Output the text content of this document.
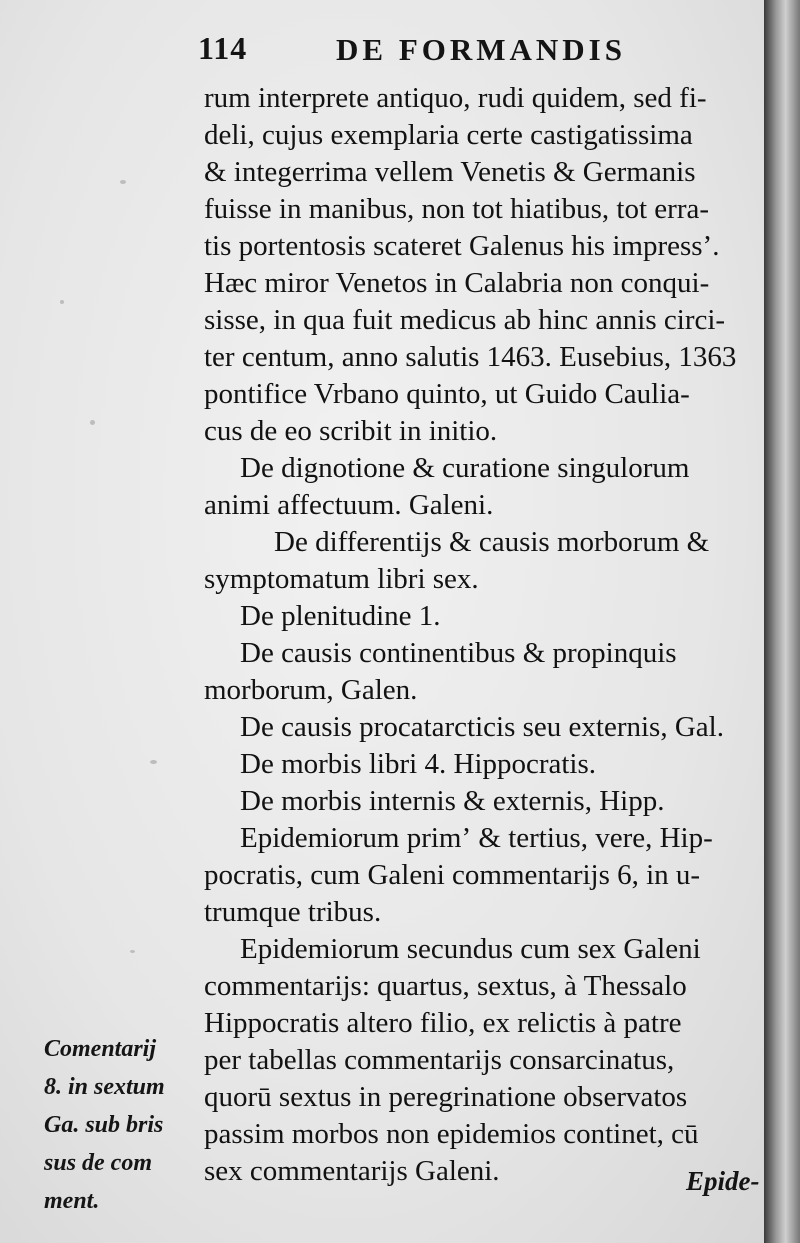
114	DE FORMANDIS
rum interprete antiquo, rudi quidem, sed fi-
deli, cujus exemplaria certe castigatissima
& integerrima vellem Venetis & Germanis
fuisse in manibus, non tot hiatibus, tot erra-
tis portentosis scateret Galenus his impressʼ.
Hæc miror Venetos in Calabria non conqui-
sisse, in qua fuit medicus ab hinc annis circi-
ter centum, anno salutis 1463. Eusebius, 1363
pontifice Vrbano quinto, ut Guido Caulia-
cus de eo scribit in initio.
De dignotione & curatione singulorum
animi affectuum. Galeni.
De differentijs & causis morborum &
symptomatum libri sex.
De plenitudine 1.
De causis continentibus & propinquis
morborum, Galen.
De causis procatarcticis seu externis, Gal.
De morbis libri 4. Hippocratis.
De morbis internis & externis, Hipp.
Epidemiorum primʼ & tertius, vere, Hip-
pocratis, cum Galeni commentarijs 6, in u-
trumque tribus.
Epidemiorum secundus cum sex Galeni
commentarijs: quartus, sextus, à Thessalo
Hippocratis altero filio, ex relictis à patre
per tabellas commentarijs consarcinatus,
quorū sextus in peregrinatione observatos
passim morbos non epidemios continet, cū
sex commentarijs Galeni.
Comentarij
8. in sextum
Ga. sub bris
sus de com
ment.
Epide-
